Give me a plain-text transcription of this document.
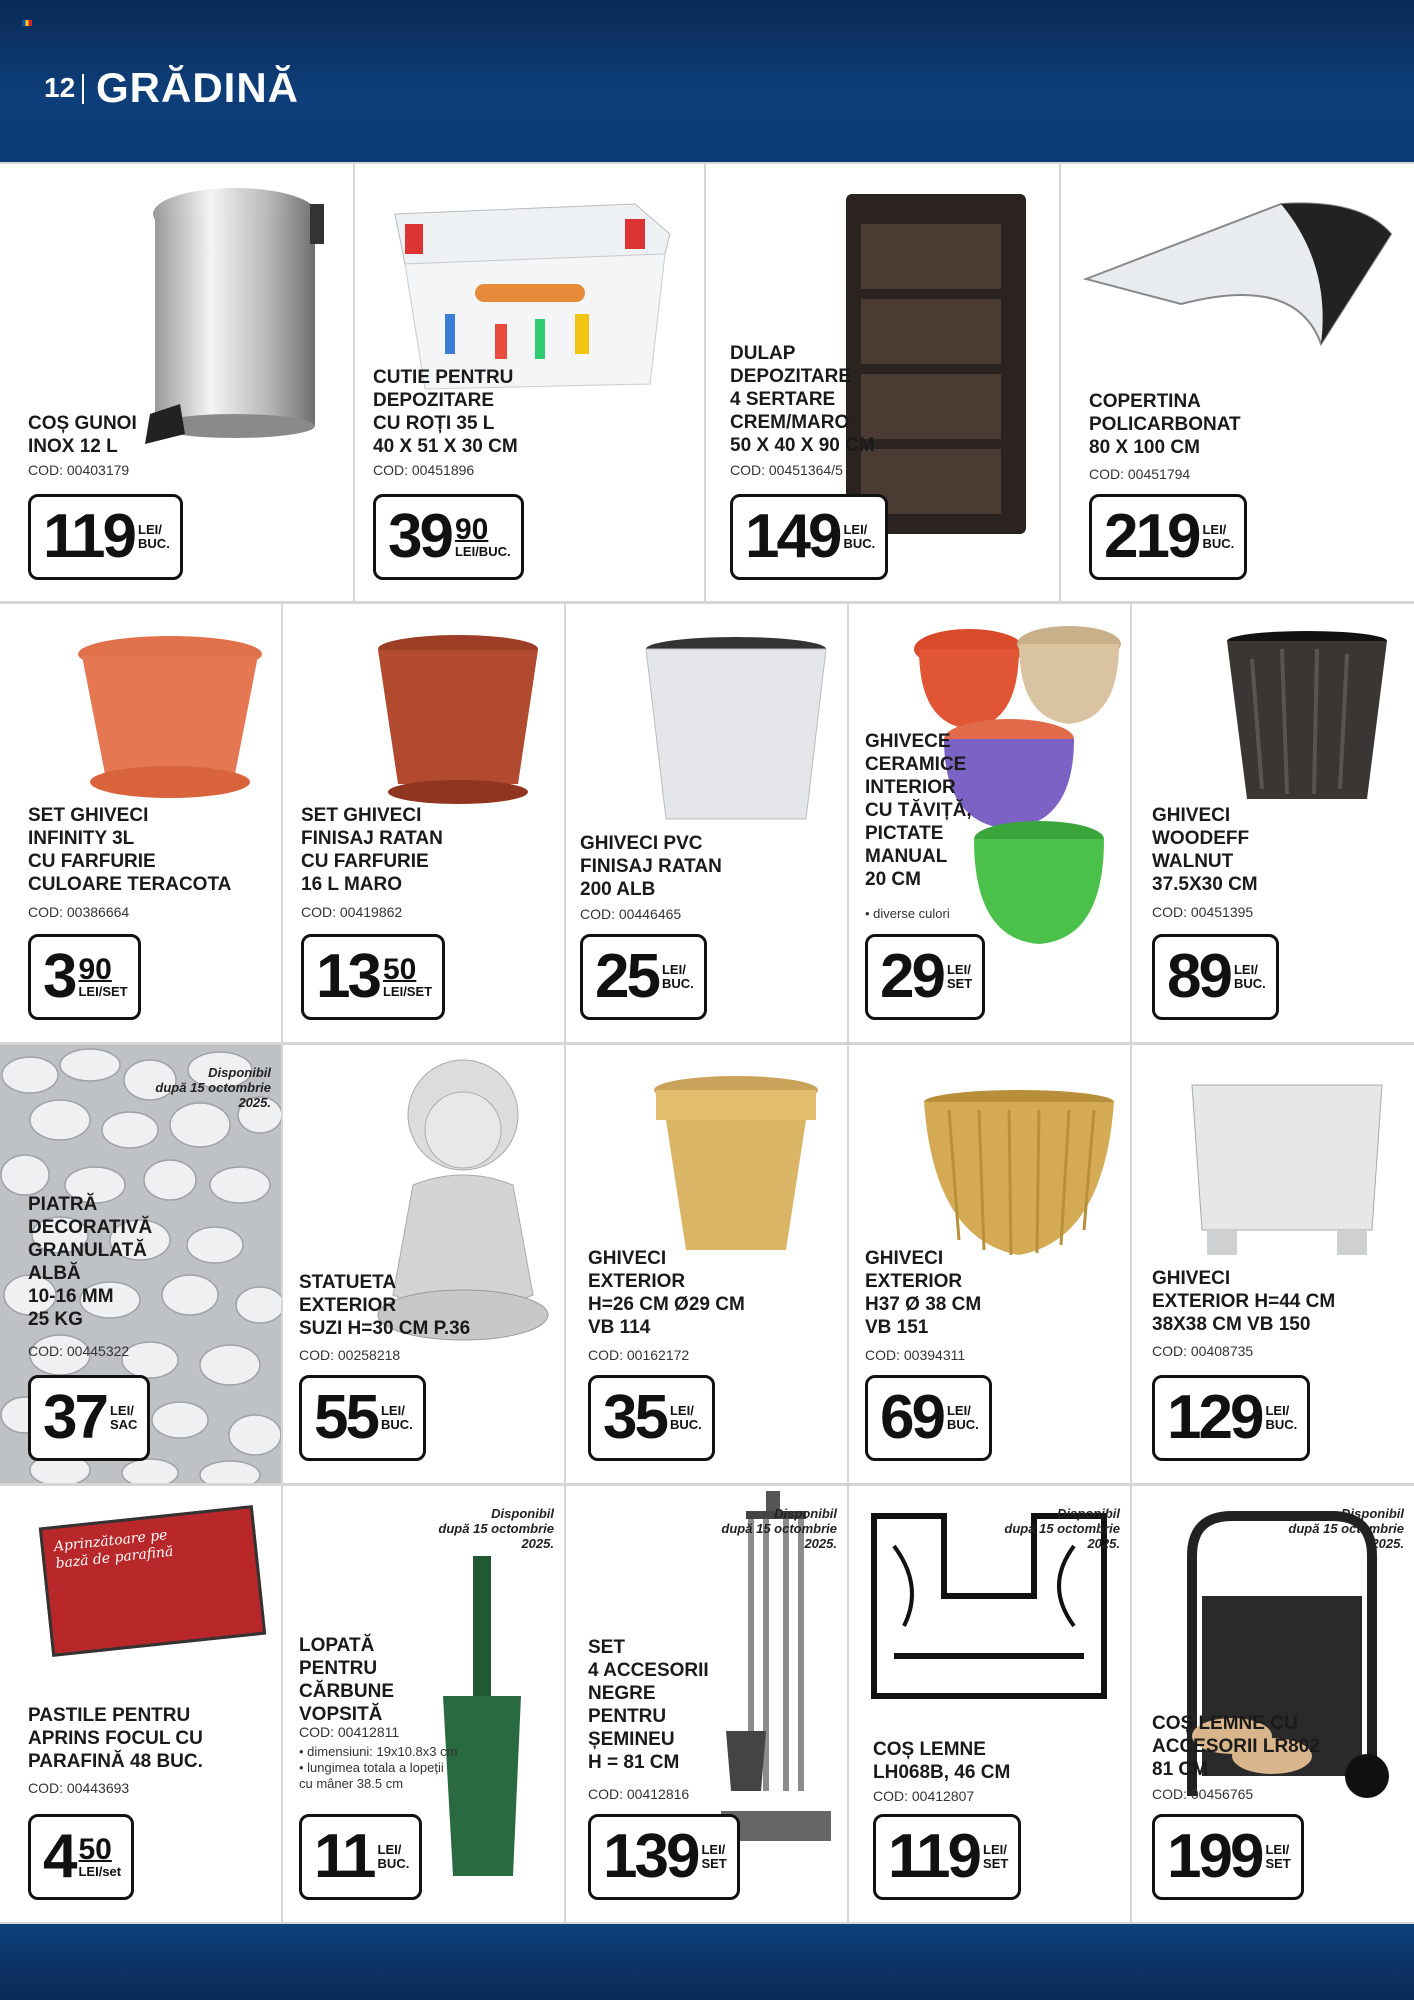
12 GRĂDINĂ
COȘ GUNOI
INOX 12 L
COD: 00403179
119 LEI/
BUC.
CUTIE PENTRU
DEPOZITARE
CU ROȚI 35 L
40 X 51 X 30 CM
COD: 00451896
39 90
LEI/BUC.
DULAP
DEPOZITARE
4 SERTARE
CREM/MARO
50 X 40 X 90 CM
COD: 00451364/5
149 LEI/
BUC.
COPERTINA
POLICARBONAT
80 X 100 CM
COD: 00451794
219 LEI/
BUC.
SET GHIVECI
INFINITY 3L
CU FARFURIE
CULOARE TERACOTA
COD: 00386664
3 90
LEI/SET
SET GHIVECI
FINISAJ RATAN
CU FARFURIE
16 L MARO
COD: 00419862
13 50
LEI/SET
GHIVECI PVC
FINISAJ RATAN
200 ALB
COD: 00446465
25 LEI/
BUC.
GHIVECE
CERAMICE
INTERIOR
CU TĂVIȚĂ,
PICTATE
MANUAL
20 CM
• diverse culori
29 LEI/
SET
GHIVECI
WOODEFF
WALNUT
37.5X30 CM
COD: 00451395
89 LEI/
BUC.
Disponibil
după 15 octombrie
2025.
PIATRĂ
DECORATIVĂ
GRANULATĂ
ALBĂ
10-16 MM
25 KG
COD: 00445322
37 LEI/
SAC
STATUETA
EXTERIOR
SUZI H=30 CM P.36
COD: 00258218
55 LEI/
BUC.
GHIVECI
EXTERIOR
H=26 CM Ø29 CM
VB 114
COD: 00162172
35 LEI/
BUC.
GHIVECI
EXTERIOR
H37 Ø 38 CM
VB 151
COD: 00394311
69 LEI/
BUC.
GHIVECI
EXTERIOR H=44 CM
38X38 CM VB 150
COD: 00408735
129 LEI/
BUC.
Aprinzătoare pe
bază de parafină
PASTILE PENTRU
APRINS FOCUL CU
PARAFINĂ 48 BUC.
COD: 00443693
4 50
LEI/set
Disponibil
după 15 octombrie
2025.
LOPATĂ
PENTRU
CĂRBUNE
VOPSITĂ
COD: 00412811
• dimensiuni: 19x10.8x3 cm
• lungimea totala a lopeții
cu mâner 38.5 cm
11 LEI/
BUC.
Disponibil
după 15 octombrie
2025.
SET
4 ACCESORII
NEGRE
PENTRU
ȘEMINEU
H = 81 CM
COD: 00412816
139 LEI/
SET
Disponibil
după 15 octombrie
2025.
COȘ LEMNE
LH068B, 46 CM
COD: 00412807
119 LEI/
SET
Disponibil
după 15 octombrie
2025.
COȘ LEMNE CU
ACCESORII LR802
81 CM
COD: 00456765
199 LEI/
SET
